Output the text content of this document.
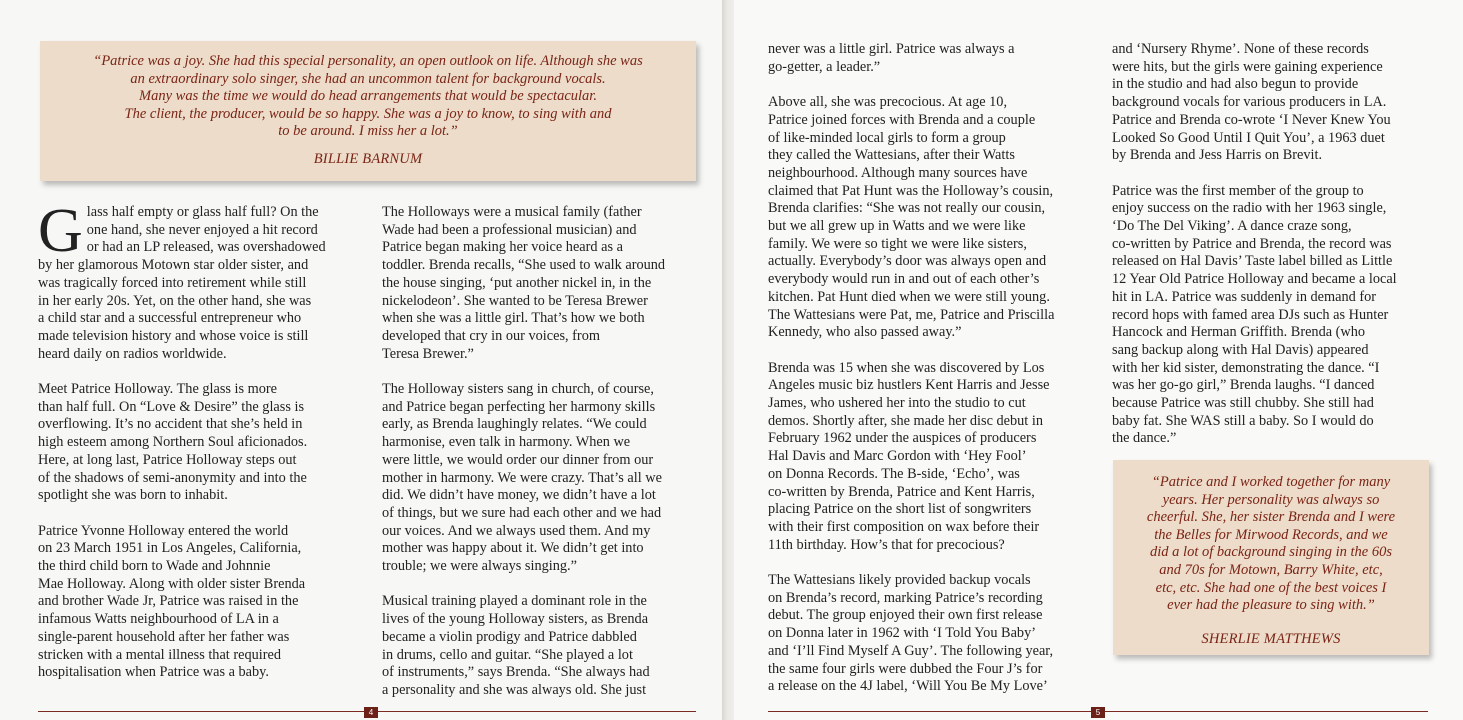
“Patrice was a joy. She had this special personality, an open outlook on life. Although she was
an extraordinary solo singer, she had an uncommon talent for background vocals.
Many was the time we would do head arrangements that would be spectacular.
The client, the producer, would be so happy. She was a joy to know, to sing with and
to be around. I miss her a lot.”
BILLIE BARNUM

Glass half empty or glass half full? On the
one hand, she never enjoyed a hit record
or had an LP released, was overshadowed
by her glamorous Motown star older sister, and
was tragically forced into retirement while still
in her early 20s. Yet, on the other hand, she was
a child star and a successful entrepreneur who
made television history and whose voice is still
heard daily on radios worldwide.

Meet Patrice Holloway. The glass is more
than half full. On “Love & Desire” the glass is
overflowing. It’s no accident that she’s held in
high esteem among Northern Soul aficionados.
Here, at long last, Patrice Holloway steps out
of the shadows of semi-anonymity and into the
spotlight she was born to inhabit.

Patrice Yvonne Holloway entered the world
on 23 March 1951 in Los Angeles, California,
the third child born to Wade and Johnnie
Mae Holloway. Along with older sister Brenda
and brother Wade Jr, Patrice was raised in the
infamous Watts neighbourhood of LA in a
single-parent household after her father was
stricken with a mental illness that required
hospitalisation when Patrice was a baby.

The Holloways were a musical family (father
Wade had been a professional musician) and
Patrice began making her voice heard as a
toddler. Brenda recalls, “She used to walk around
the house singing, ‘put another nickel in, in the
nickelodeon’. She wanted to be Teresa Brewer
when she was a little girl. That’s how we both
developed that cry in our voices, from
Teresa Brewer.”

The Holloway sisters sang in church, of course,
and Patrice began perfecting her harmony skills
early, as Brenda laughingly relates. “We could
harmonise, even talk in harmony. When we
were little, we would order our dinner from our
mother in harmony. We were crazy. That’s all we
did. We didn’t have money, we didn’t have a lot
of things, but we sure had each other and we had
our voices. And we always used them. And my
mother was happy about it. We didn’t get into
trouble; we were always singing.”

Musical training played a dominant role in the
lives of the young Holloway sisters, as Brenda
became a violin prodigy and Patrice dabbled
in drums, cello and guitar. “She played a lot
of instruments,” says Brenda. “She always had
a personality and she was always old. She just

4

never was a little girl. Patrice was always a
go-getter, a leader.”

Above all, she was precocious. At age 10,
Patrice joined forces with Brenda and a couple
of like-minded local girls to form a group
they called the Wattesians, after their Watts
neighbourhood. Although many sources have
claimed that Pat Hunt was the Holloway’s cousin,
Brenda clarifies: “She was not really our cousin,
but we all grew up in Watts and we were like
family. We were so tight we were like sisters,
actually. Everybody’s door was always open and
everybody would run in and out of each other’s
kitchen. Pat Hunt died when we were still young.
The Wattesians were Pat, me, Patrice and Priscilla
Kennedy, who also passed away.”

Brenda was 15 when she was discovered by Los
Angeles music biz hustlers Kent Harris and Jesse
James, who ushered her into the studio to cut
demos. Shortly after, she made her disc debut in
February 1962 under the auspices of producers
Hal Davis and Marc Gordon with ‘Hey Fool’
on Donna Records. The B-side, ‘Echo’, was
co-written by Brenda, Patrice and Kent Harris,
placing Patrice on the short list of songwriters
with their first composition on wax before their
11th birthday. How’s that for precocious?

The Wattesians likely provided backup vocals
on Brenda’s record, marking Patrice’s recording
debut. The group enjoyed their own first release
on Donna later in 1962 with ‘I Told You Baby’
and ‘I’ll Find Myself A Guy’. The following year,
the same four girls were dubbed the Four J’s for
a release on the 4J label, ‘Will You Be My Love’

and ‘Nursery Rhyme’. None of these records
were hits, but the girls were gaining experience
in the studio and had also begun to provide
background vocals for various producers in LA.
Patrice and Brenda co-wrote ‘I Never Knew You
Looked So Good Until I Quit You’, a 1963 duet
by Brenda and Jess Harris on Brevit.

Patrice was the first member of the group to
enjoy success on the radio with her 1963 single,
‘Do The Del Viking’. A dance craze song,
co-written by Patrice and Brenda, the record was
released on Hal Davis’ Taste label billed as Little
12 Year Old Patrice Holloway and became a local
hit in LA. Patrice was suddenly in demand for
record hops with famed area DJs such as Hunter
Hancock and Herman Griffith. Brenda (who
sang backup along with Hal Davis) appeared
with her kid sister, demonstrating the dance. “I
was her go-go girl,” Brenda laughs. “I danced
because Patrice was still chubby. She still had
baby fat. She WAS still a baby. So I would do
the dance.”

“Patrice and I worked together for many
years. Her personality was always so
cheerful. She, her sister Brenda and I were
the Belles for Mirwood Records, and we
did a lot of background singing in the 60s
and 70s for Motown, Barry White, etc,
etc, etc. She had one of the best voices I
ever had the pleasure to sing with.”
SHERLIE MATTHEWS
5
